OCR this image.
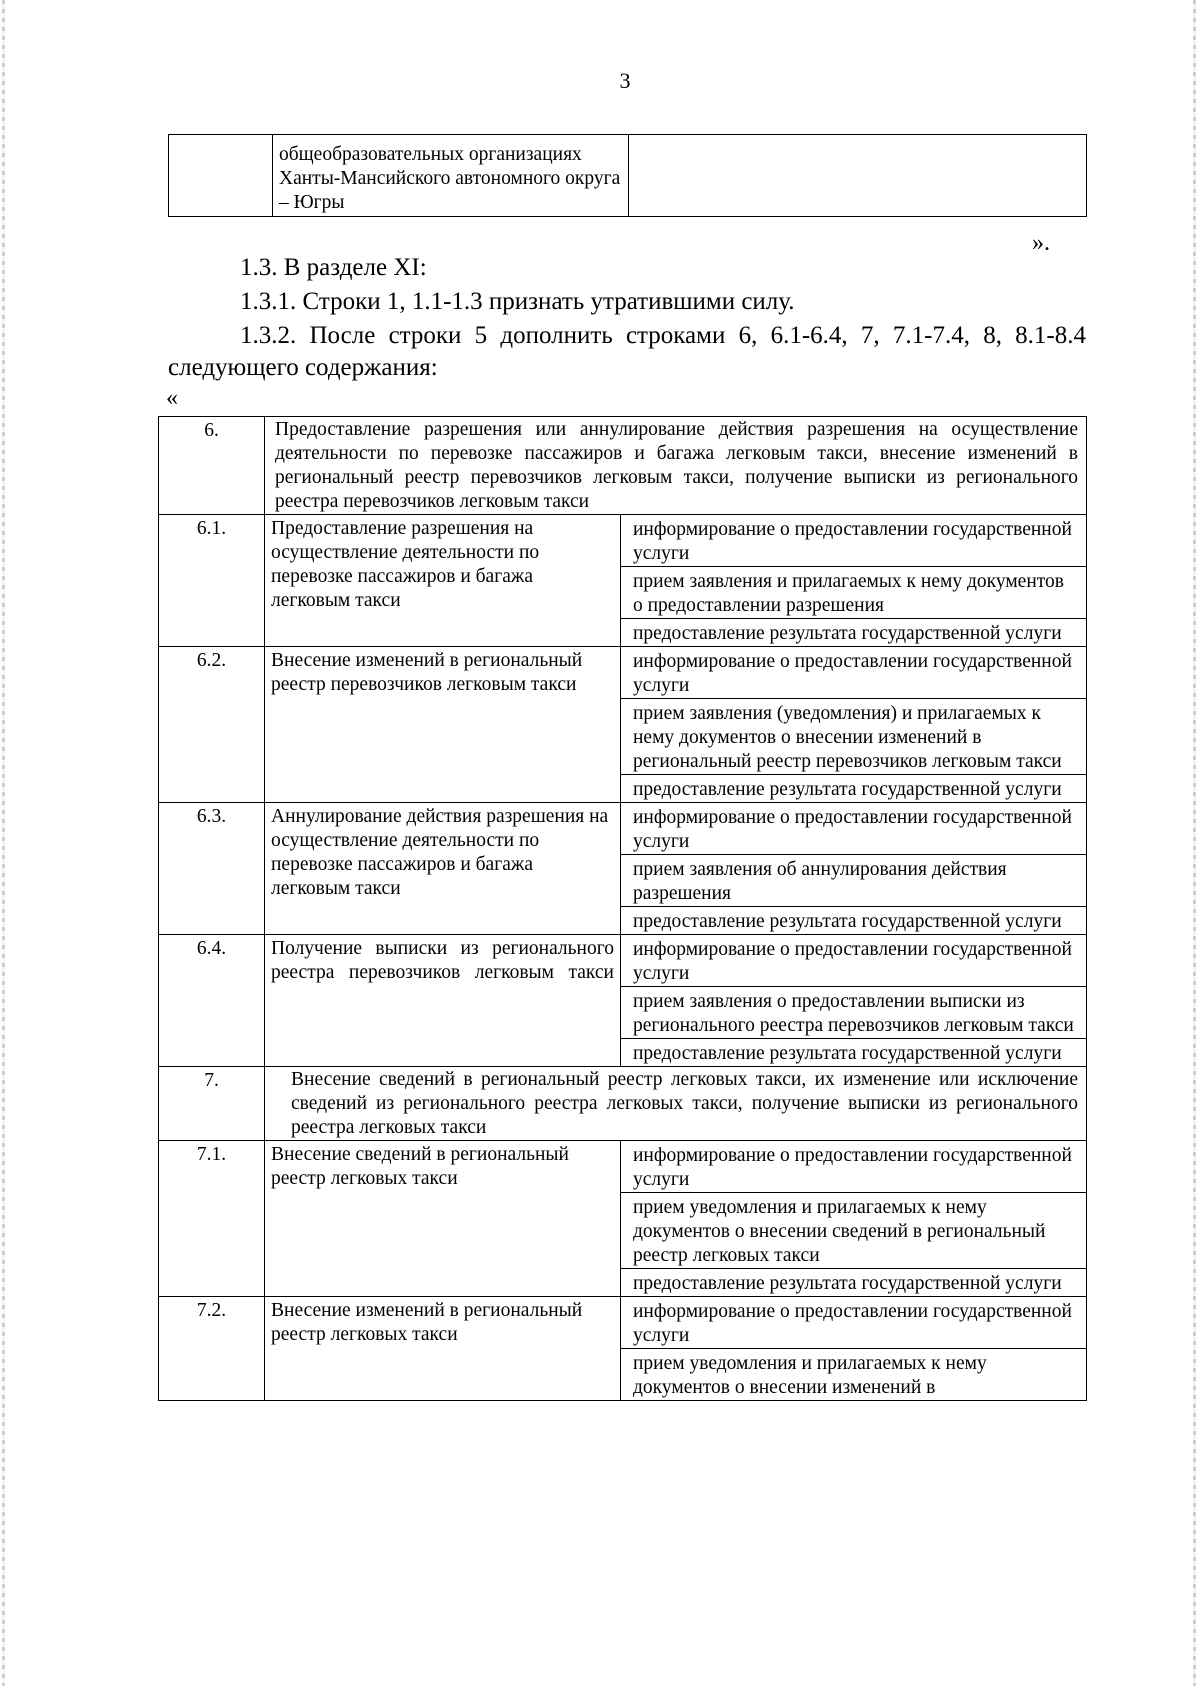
3
	общеобразовательных организациях Ханты-Мансийского автономного округа – Югры	
».
1.3. В разделе XI:
1.3.1. Строки 1, 1.1-1.3 признать утратившими силу.
1.3.2. После строки 5 дополнить строками 6, 6.1-6.4, 7, 7.1-7.4, 8, 8.1-8.4 следующего содержания:
«
6.	Предоставление разрешения или аннулирование действия разрешения на осуществление деятельности по перевозке пассажиров и багажа легковым такси, внесение изменений в региональный реестр перевозчиков легковым такси, получение выписки из регионального реестра перевозчиков легковым такси	
6.1.	Предоставление разрешения на осуществление деятельности по перевозке пассажиров и багажа легковым такси	информирование о предоставлении государственной услуги
прием заявления и прилагаемых к нему документов о предоставлении разрешения
предоставление результата государственной услуги

6.2.	Внесение изменений в региональный реестр перевозчиков легковым такси	информирование о предоставлении государственной услуги
прием заявления (уведомления) и прилагаемых к нему документов о внесении изменений в региональный реестр перевозчиков легковым такси
предоставление результата государственной услуги

6.3.	Аннулирование действия разрешения на осуществление деятельности по перевозке пассажиров и багажа легковым такси	информирование о предоставлении государственной услуги
прием заявления об аннулирования действия разрешения
предоставление результата государственной услуги

6.4.	Получение выписки из регионального реестра перевозчиков легковым такси	информирование о предоставлении государственной услуги
прием заявления о предоставлении выписки из регионального реестра перевозчиков легковым такси
предоставление результата государственной услуги

7.	Внесение сведений в региональный реестр легковых такси, их изменение или исключение сведений из регионального реестра легковых такси, получение выписки из регионального реестра легковых такси	
7.1.	Внесение сведений в региональный реестр легковых такси	информирование о предоставлении государственной услуги
прием уведомления и прилагаемых к нему документов о внесении сведений в региональный реестр легковых такси
предоставление результата государственной услуги

7.2.	Внесение изменений в региональный реестр легковых такси	информирование о предоставлении государственной услуги
прием уведомления и прилагаемых к нему документов о внесении изменений в
